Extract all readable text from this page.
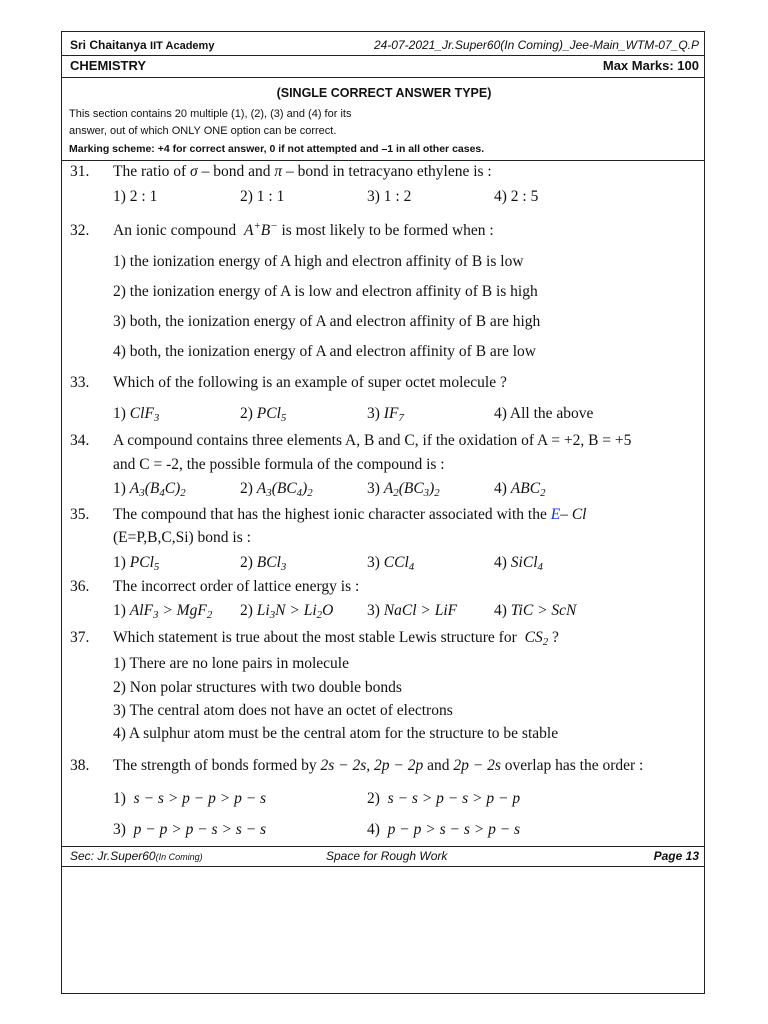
Sri Chaitanya IIT Academy	24-07-2021_Jr.Super60(In Coming)_Jee-Main_WTM-07_Q.P
CHEMISTRY	Max Marks: 100
(SINGLE CORRECT ANSWER TYPE)
This section contains 20 multiple (1), (2), (3) and (4) for its
answer, out of which ONLY ONE option can be correct.
Marking scheme: +4 for correct answer, 0 if not attempted and –1 in all other cases.
31. The ratio of σ – bond and π – bond in tetracyano ethylene is :
1) 2 : 1	2) 1 : 1	3) 1 : 2	4) 2 : 5
32. An ionic compound A+B− is most likely to be formed when :
1) the ionization energy of A high and electron affinity of B is low
2) the ionization energy of A is low and electron affinity of B is high
3) both, the ionization energy of A and electron affinity of B are high
4) both, the ionization energy of A and electron affinity of B are low
33. Which of the following is an example of super octet molecule ?
1) ClF$_3$	2) PCl$_5$	3) $IF_7$	4) All the above
34. A compound contains three elements A, B and C, if the oxidation of A = +2, B = +5
and C = -2, the possible formula of the compound is :
1) $A_3(B_4C)_2$	2) $A_3(BC_4)_2$	3) $A_2(BC_3)_2$	4) $ABC_2$
35. The compound that has the highest ionic character associated with the E– Cl
(E=P,B,C,Si) bond is :
1) PCl$_5$	2) BCl$_3$	3) CCl$_4$	4) SiCl$_4$
36. The incorrect order of lattice energy is :
1) AlF$_3$ > MgF$_2$ 2) $Li_3N > Li_2O$ 3) NaCl > LiF 4) TiC > ScN
37. Which statement is true about the most stable Lewis structure for $CS_2$ ?
1) There are no lone pairs in molecule
2) Non polar structures with two double bonds
3) The central atom does not have an octet of electrons
4) A sulphur atom must be the central atom for the structure to be stable
38. The strength of bonds formed by 2s − 2s, 2p − 2p and 2p − 2s overlap has the order :
1) s − s > p − p > p − s	2) s − s > p − s > p − p
3) p − p > p − s > s − s	4) p − p > s − s > p − s
Sec: Jr.Super60(In Coming)	Space for Rough Work	Page 13
